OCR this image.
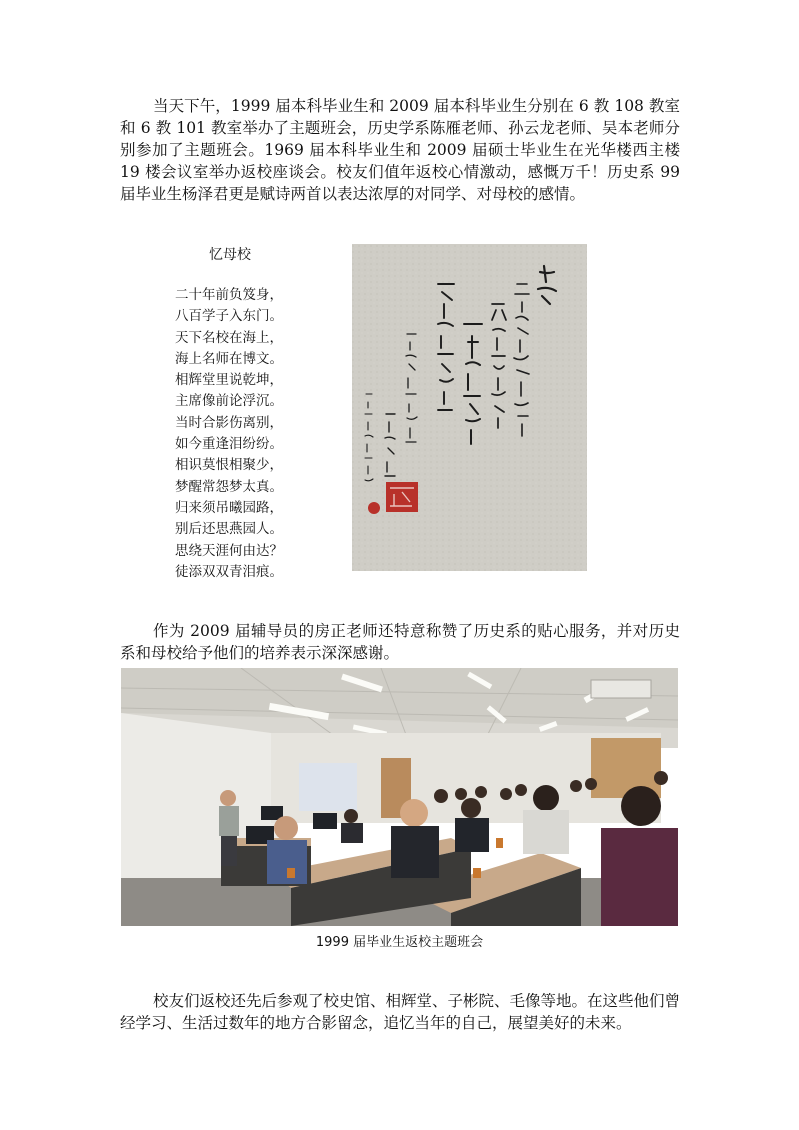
当天下午，1999 届本科毕业生和 2009 届本科毕业生分别在 6 教 108 教室和 6 教 101 教室举办了主题班会，历史学系陈雁老师、孙云龙老师、吴本老师分别参加了主题班会。1969 届本科毕业生和 2009 届硕士毕业生在光华楼西主楼 19 楼会议室举办返校座谈会。校友们值年返校心情激动，感慨万千！历史系 99 届毕业生杨泽君更是赋诗两首以表达浓厚的对同学、对母校的感情。

忆母校
二十年前负笈身，
八百学子入东门。
天下名校在海上，
海上名师在博文。
相辉堂里说乾坤，
主席像前论浮沉。
当时合影伤离别，
如今重逢泪纷纷。
相识莫恨相聚少，
梦醒常怨梦太真。
归来须吊曦园路，
别后还思燕园人。
思绕天涯何由达？
徒添双双青泪痕。

作为 2009 届辅导员的房正老师还特意称赞了历史系的贴心服务，并对历史系和母校给予他们的培养表示深深感谢。

1999 届毕业生返校主题班会

校友们返校还先后参观了校史馆、相辉堂、子彬院、毛像等地。在这些他们曾经学习、生活过数年的地方合影留念，追忆当年的自己，展望美好的未来。
